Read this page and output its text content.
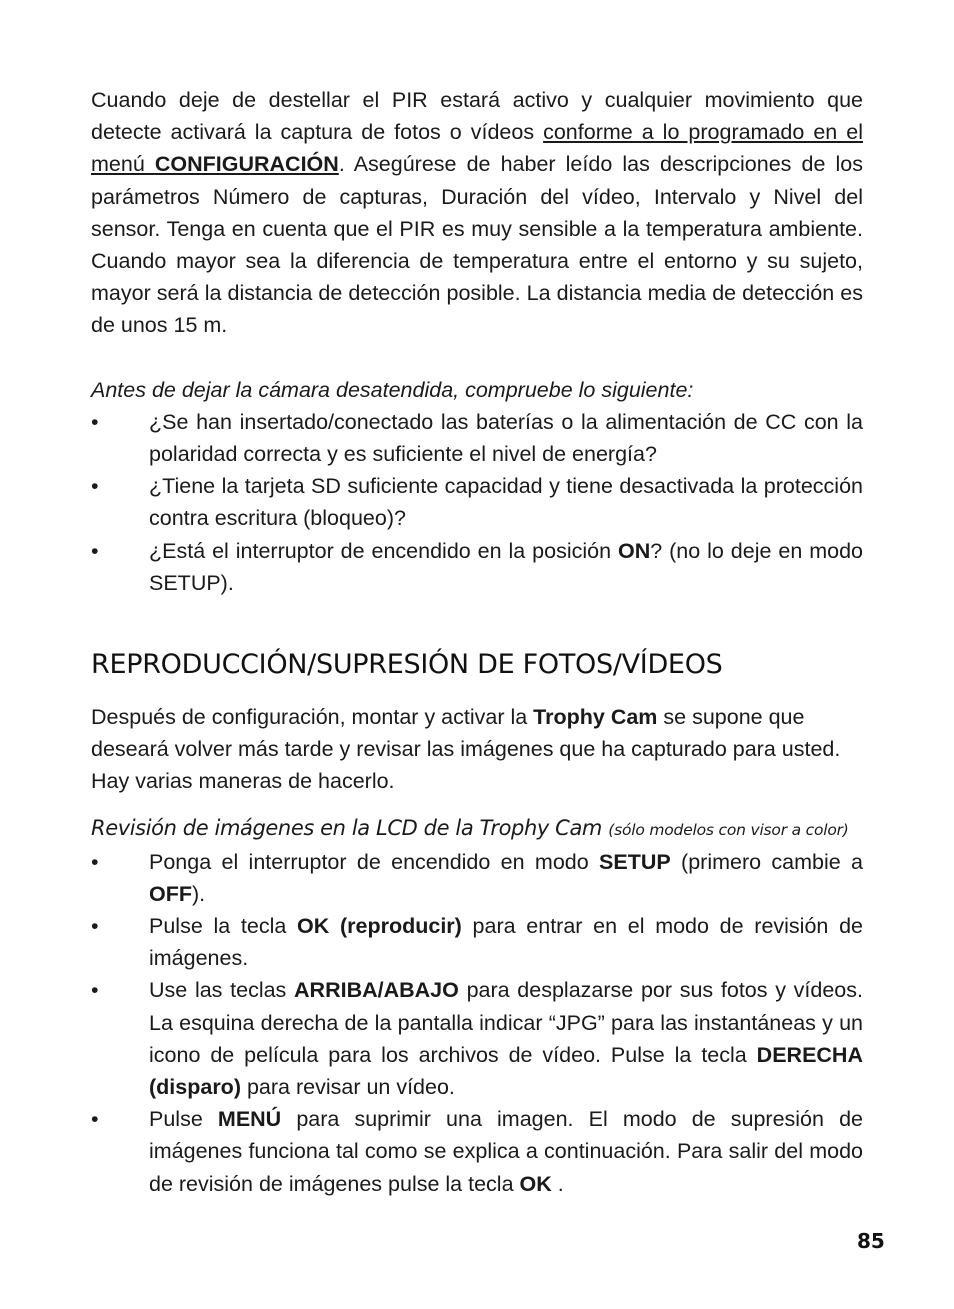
Cuando deje de destellar el PIR estará activo y cualquier movimiento que detecte activará la captura de fotos o vídeos conforme a lo programado en el menú CONFIGURACIÓN. Asegúrese de haber leído las descripciones de los parámetros Número de capturas, Duración del vídeo, Intervalo y Nivel del sensor. Tenga en cuenta que el PIR es muy sensible a la temperatura ambiente. Cuando mayor sea la diferencia de temperatura entre el entorno y su sujeto, mayor será la distancia de detección posible. La distancia media de detección es de unos 15 m.

Antes de dejar la cámara desatendida, compruebe lo siguiente:

•	¿Se han insertado/conectado las baterías o la alimentación de CC con la polaridad correcta y es suficiente el nivel de energía?
•	¿Tiene la tarjeta SD suficiente capacidad y tiene desactivada la protección contra escritura (bloqueo)?
•	¿Está el interruptor de encendido en la posición ON? (no lo deje en modo SETUP).
REPRODUCCIÓN/SUPRESIÓN DE FOTOS/VÍDEOS

Después de configuración, montar y activar la Trophy Cam se supone que deseará volver más tarde y revisar las imágenes que ha capturado para usted. Hay varias maneras de hacerlo.

Revisión de imágenes en la LCD de la Trophy Cam (sólo modelos con visor a color)

•	Ponga el interruptor de encendido en modo SETUP (primero cambie a OFF).
•	Pulse la tecla OK (reproducir) para entrar en el modo de revisión de imágenes.
•	Use las teclas ARRIBA/ABAJO para desplazarse por sus fotos y vídeos. La esquina derecha de la pantalla indicar “JPG” para las instantáneas y un icono de película para los archivos de vídeo. Pulse la tecla DERECHA (disparo) para revisar un vídeo.
•	Pulse MENÚ para suprimir una imagen. El modo de supresión de imágenes funciona tal como se explica a continuación. Para salir del modo de revisión de imágenes pulse la tecla OK .
85
